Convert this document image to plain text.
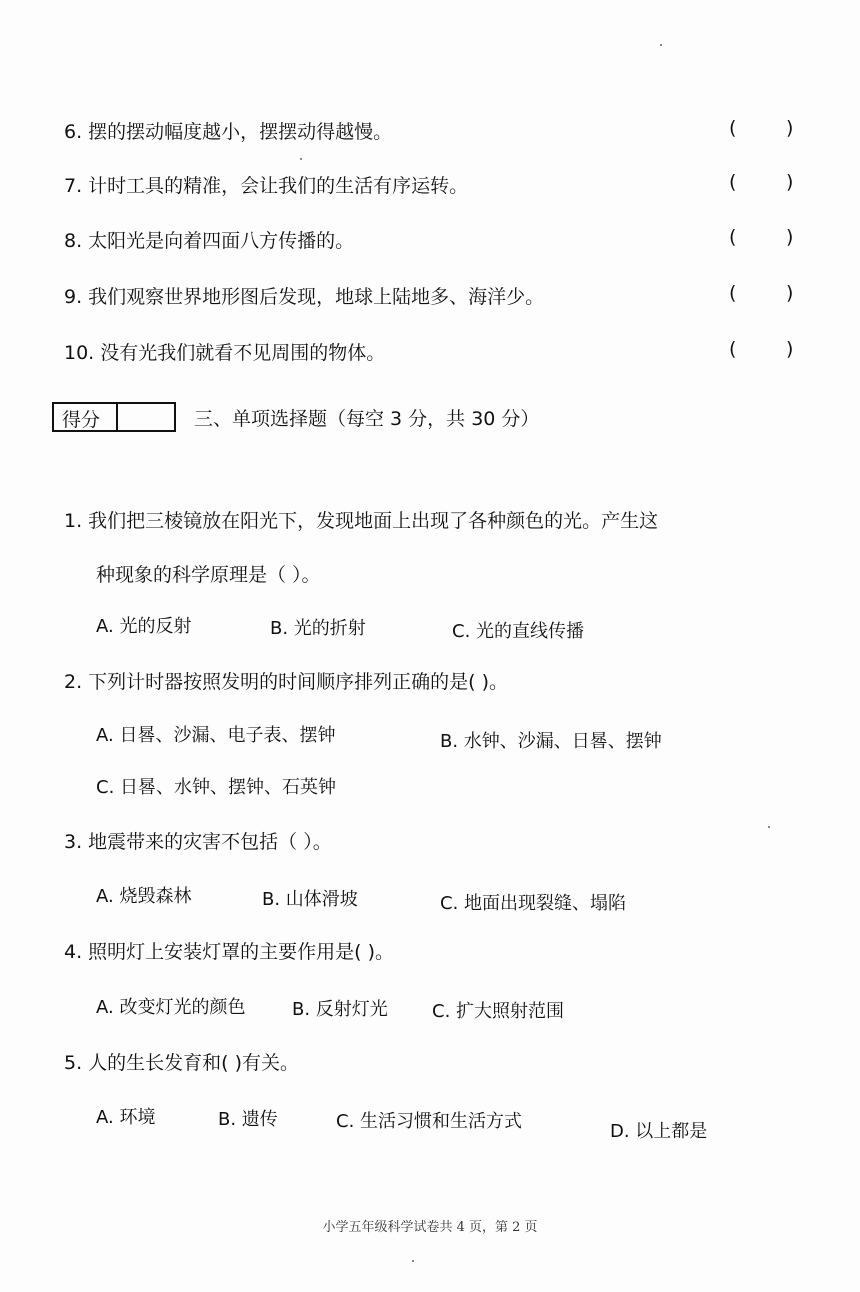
6. 摆的摆动幅度越小，摆摆动得越慢。	(	)
7. 计时工具的精准，会让我们的生活有序运转。	(	)
8. 太阳光是向着四面八方传播的。	(	)
9. 我们观察世界地形图后发现，地球上陆地多、海洋少。	(	)
10. 没有光我们就看不见周围的物体。	(	)
得分	三、单项选择题（每空 3 分，共 30 分）
1. 我们把三棱镜放在阳光下，发现地面上出现了各种颜色的光。产生这
种现象的科学原理是（ ）。
A. 光的反射	B. 光的折射	C. 光的直线传播
2. 下列计时器按照发明的时间顺序排列正确的是( )。
A. 日晷、沙漏、电子表、摆钟	B. 水钟、沙漏、日晷、摆钟
C. 日晷、水钟、摆钟、石英钟
3. 地震带来的灾害不包括（ ）。
A. 烧毁森林	B. 山体滑坡	C. 地面出现裂缝、塌陷
4. 照明灯上安装灯罩的主要作用是( )。
A. 改变灯光的颜色	B. 反射灯光 C. 扩大照射范围
5. 人的生长发育和( )有关。
A. 环境	B. 遗传	C. 生活习惯和生活方式	D. 以上都是
小学五年级科学试卷共 4 页，第 2 页
